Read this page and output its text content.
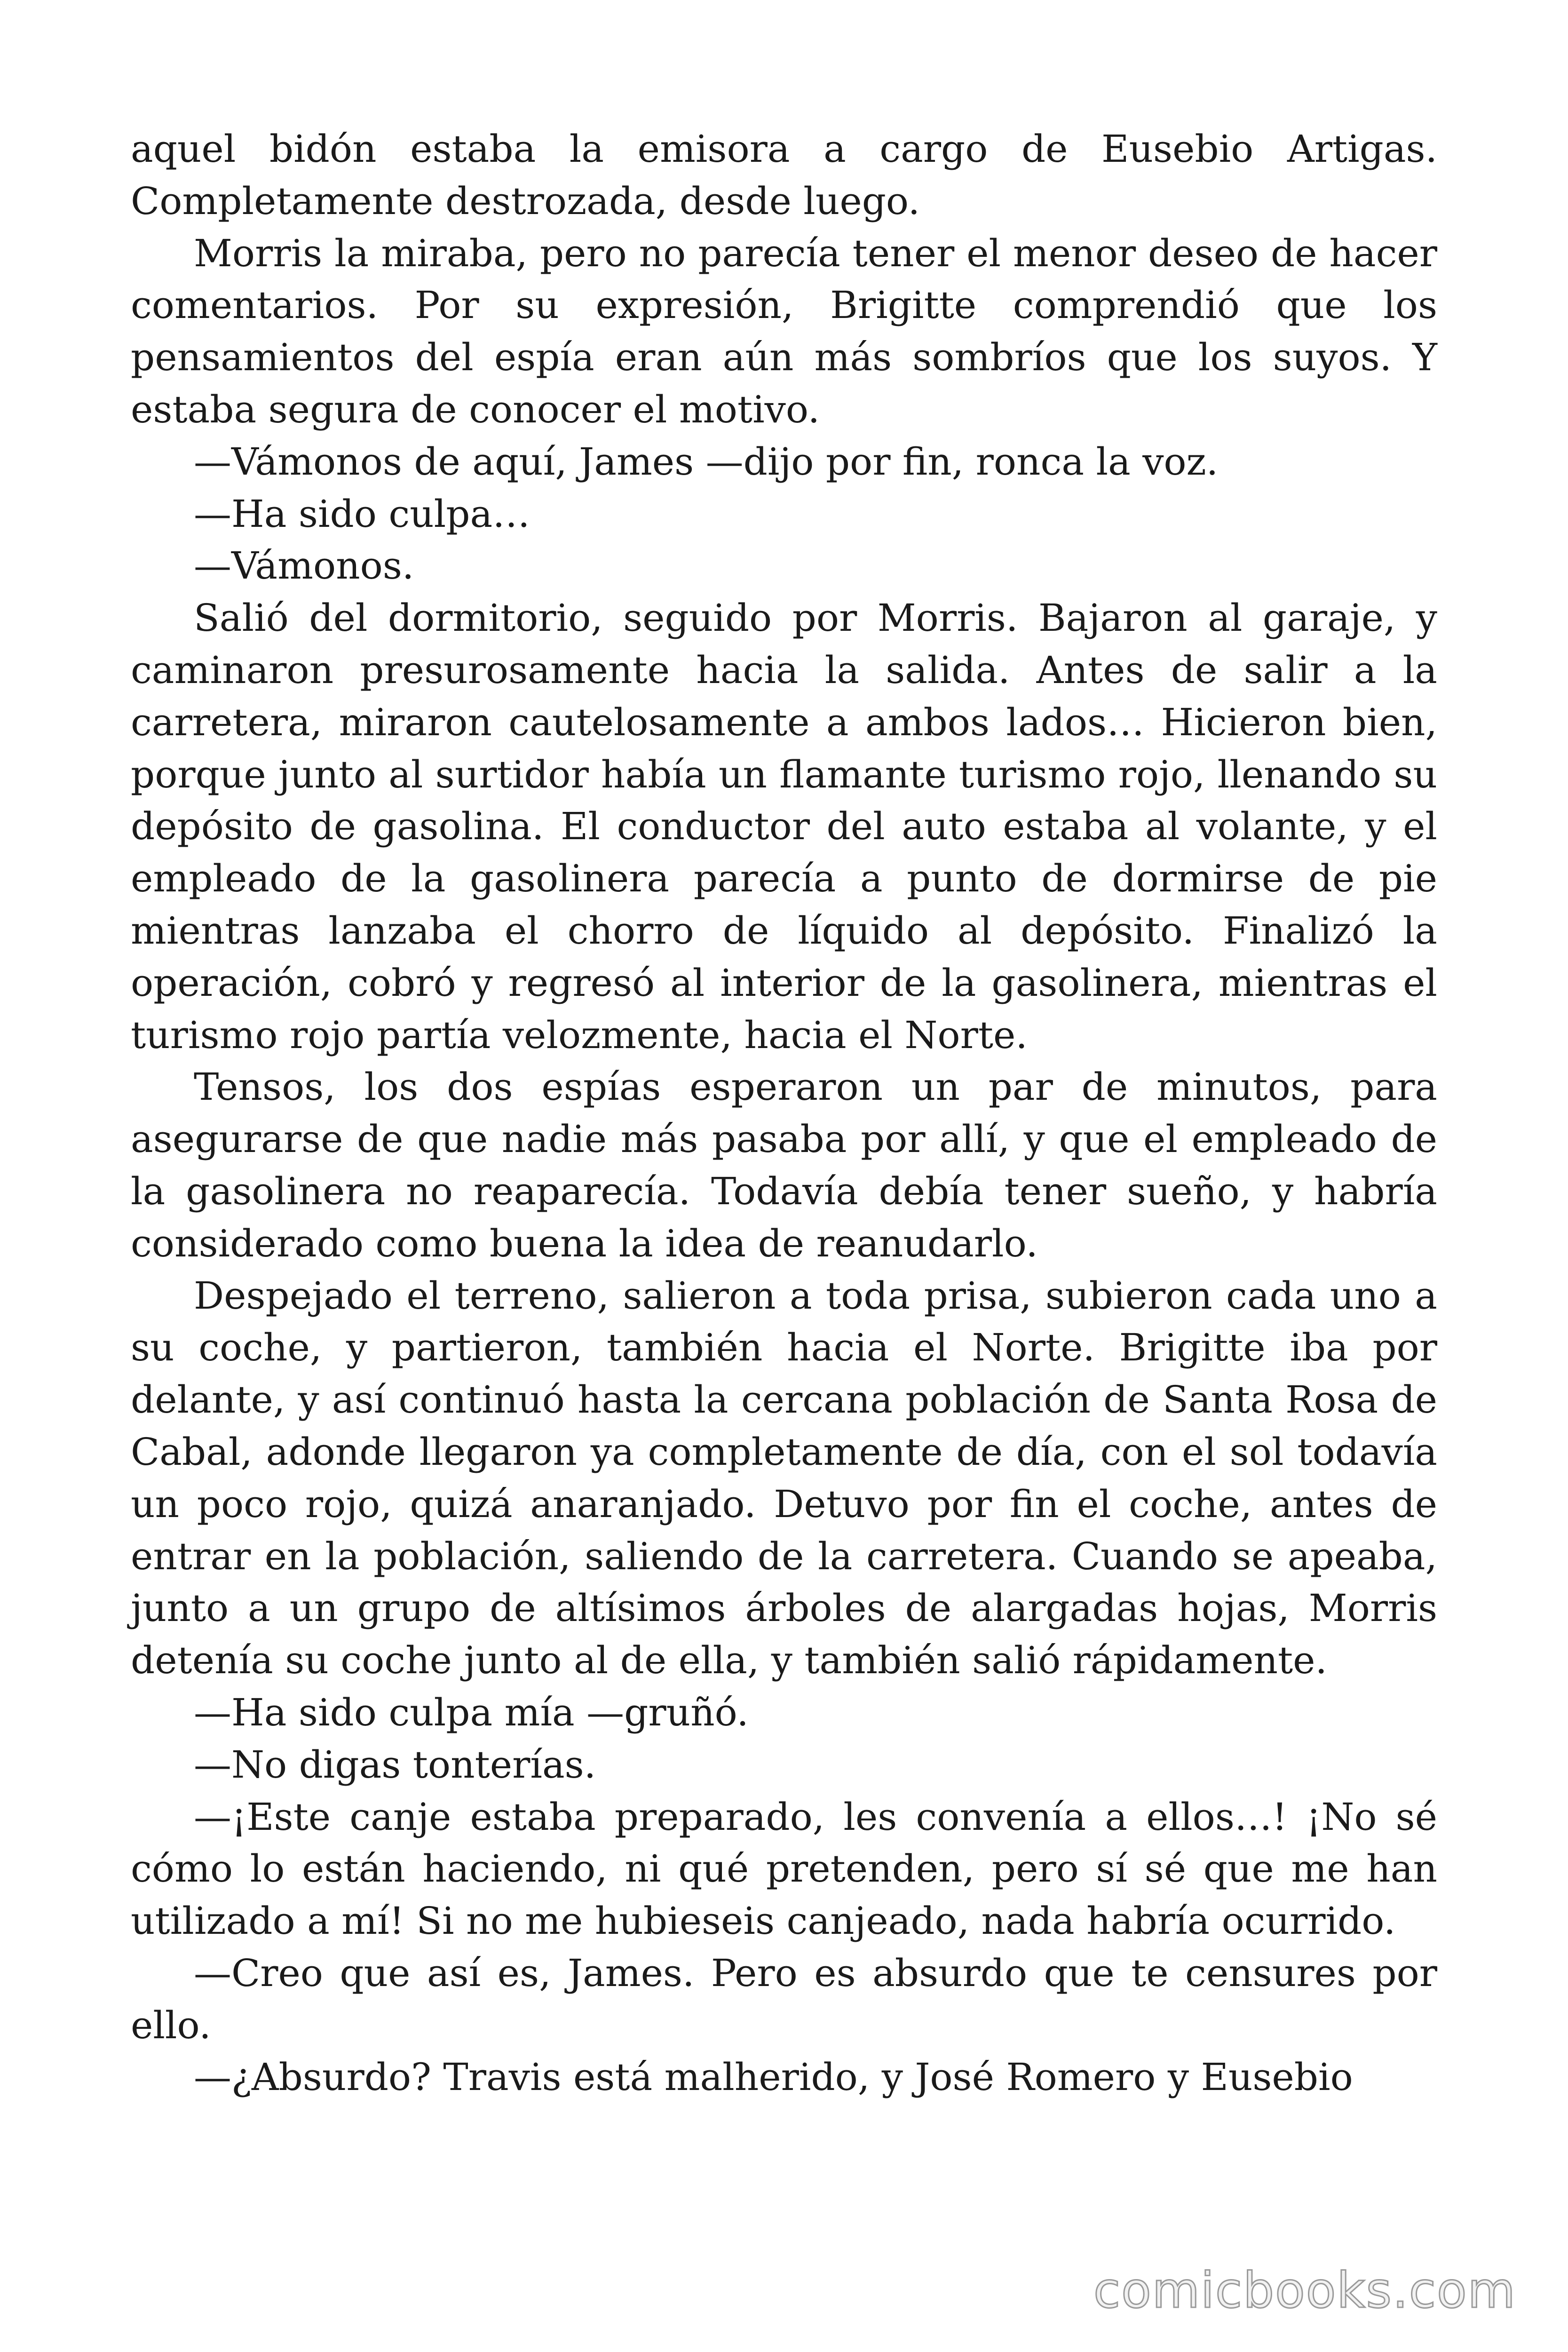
aquel bidón estaba la emisora a cargo de Eusebio Artigas. Completamente destrozada, desde luego.

Morris la miraba, pero no parecía tener el menor deseo de hacer comentarios. Por su expresión, Brigitte comprendió que los pensamientos del espía eran aún más sombríos que los suyos. Y estaba segura de conocer el motivo.

—Vámonos de aquí, James —dijo por fin, ronca la voz.

—Ha sido culpa…

—Vámonos.

Salió del dormitorio, seguido por Morris. Bajaron al garaje, y caminaron presurosamente hacia la salida. Antes de salir a la carretera, miraron cautelosamente a ambos lados… Hicieron bien, porque junto al surtidor había un flamante turismo rojo, llenando su depósito de gasolina. El conductor del auto estaba al volante, y el empleado de la gasolinera parecía a punto de dormirse de pie mientras lanzaba el chorro de líquido al depósito. Finalizó la operación, cobró y regresó al interior de la gasolinera, mientras el turismo rojo partía velozmente, hacia el Norte.

Tensos, los dos espías esperaron un par de minutos, para asegurarse de que nadie más pasaba por allí, y que el empleado de la gasolinera no reaparecía. Todavía debía tener sueño, y habría considerado como buena la idea de reanudarlo.

Despejado el terreno, salieron a toda prisa, subieron cada uno a su coche, y partieron, también hacia el Norte. Brigitte iba por delante, y así continuó hasta la cercana población de Santa Rosa de Cabal, adonde llegaron ya completamente de día, con el sol todavía un poco rojo, quizá anaranjado. Detuvo por fin el coche, antes de entrar en la población, saliendo de la carretera. Cuando se apeaba, junto a un grupo de altísimos árboles de alargadas hojas, Morris detenía su coche junto al de ella, y también salió rápidamente.

—Ha sido culpa mía —gruñó.

—No digas tonterías.

—¡Este canje estaba preparado, les convenía a ellos…! ¡No sé cómo lo están haciendo, ni qué pretenden, pero sí sé que me han utilizado a mí! Si no me hubieseis canjeado, nada habría ocurrido.

—Creo que así es, James. Pero es absurdo que te censures por ello.

—¿Absurdo? Travis está malherido, y José Romero y Eusebio

comicbooks.com
